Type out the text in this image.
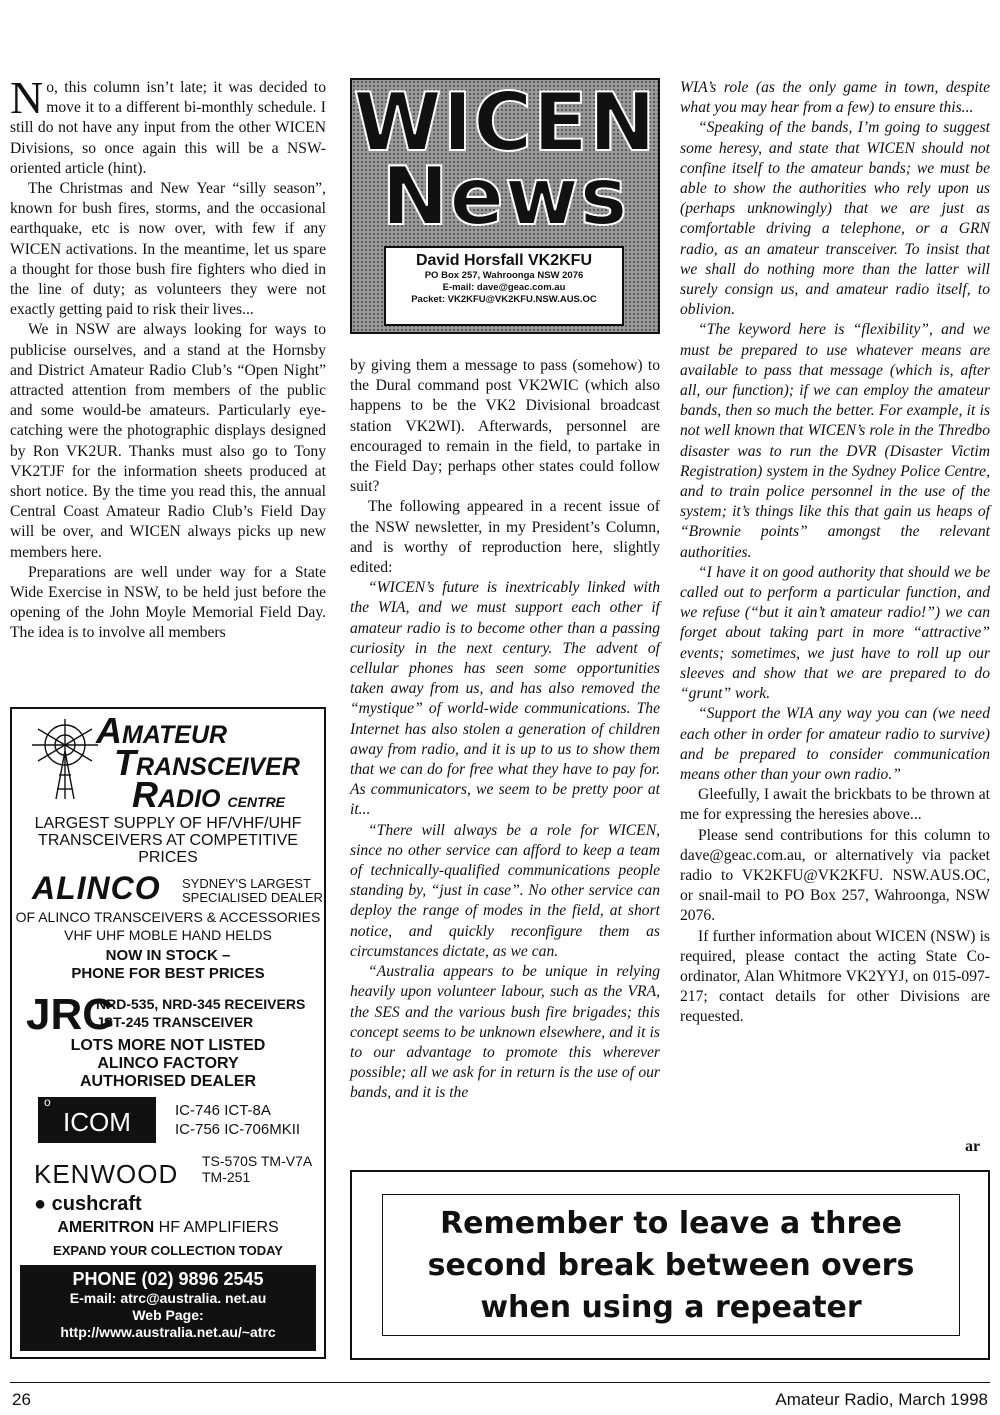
No, this column isn’t late; it was decided to move it to a different bi-monthly schedule. I still do not have any input from the other WICEN Divisions, so once again this will be a NSW-oriented article (hint).

The Christmas and New Year “silly season”, known for bush fires, storms, and the occasional earthquake, etc is now over, with few if any WICEN activations. In the meantime, let us spare a thought for those bush fire fighters who died in the line of duty; as volunteers they were not exactly getting paid to risk their lives...

We in NSW are always looking for ways to publicise ourselves, and a stand at the Hornsby and District Amateur Radio Club’s “Open Night” attracted attention from members of the public and some would-be amateurs. Particularly eye-catching were the photographic displays designed by Ron VK2UR. Thanks must also go to Tony VK2TJF for the information sheets produced at short notice. By the time you read this, the annual Central Coast Amateur Radio Club’s Field Day will be over, and WICEN always picks up new members here.

Preparations are well under way for a State Wide Exercise in NSW, to be held just before the opening of the John Moyle Memorial Field Day. The idea is to involve all members

WICEN
News
David Horsfall VK2KFU
PO Box 257, Wahroonga NSW 2076
E-mail: dave@geac.com.au
Packet: VK2KFU@VK2KFU.NSW.AUS.OC

by giving them a message to pass (somehow) to the Dural command post VK2WIC (which also happens to be the VK2 Divisional broadcast station VK2WI). Afterwards, personnel are encouraged to remain in the field, to partake in the Field Day; perhaps other states could follow suit?

The following appeared in a recent issue of the NSW newsletter, in my President’s Column, and is worthy of reproduction here, slightly edited:

“WICEN’s future is inextricably linked with the WIA, and we must support each other if amateur radio is to become other than a passing curiosity in the next century. The advent of cellular phones has seen some opportunities taken away from us, and has also removed the “mystique” of world-wide communications. The Internet has also stolen a generation of children away from radio, and it is up to us to show them that we can do for free what they have to pay for. As communicators, we seem to be pretty poor at it...

“There will always be a role for WICEN, since no other service can afford to keep a team of technically-qualified communications people standing by, “just in case”. No other service can deploy the range of modes in the field, at short notice, and quickly reconfigure them as circumstances dictate, as we can.

“Australia appears to be unique in relying heavily upon volunteer labour, such as the VRA, the SES and the various bush fire brigades; this concept seems to be unknown elsewhere, and it is to our advantage to promote this wherever possible; all we ask for in return is the use of our bands, and it is the

WIA’s role (as the only game in town, despite what you may hear from a few) to ensure this...

“Speaking of the bands, I’m going to suggest some heresy, and state that WICEN should not confine itself to the amateur bands; we must be able to show the authorities who rely upon us (perhaps unknowingly) that we are just as comfortable driving a telephone, or a GRN radio, as an amateur transceiver. To insist that we shall do nothing more than the latter will surely consign us, and amateur radio itself, to oblivion.

“The keyword here is “flexibility”, and we must be prepared to use whatever means are available to pass that message (which is, after all, our function); if we can employ the amateur bands, then so much the better. For example, it is not well known that WICEN’s role in the Thredbo disaster was to run the DVR (Disaster Victim Registration) system in the Sydney Police Centre, and to train police personnel in the use of the system; it’s things like this that gain us heaps of “Brownie points” amongst the relevant authorities.

“I have it on good authority that should we be called out to perform a particular function, and we refuse (“but it ain’t amateur radio!”) we can forget about taking part in more “attractive” events; sometimes, we just have to roll up our sleeves and show that we are prepared to do “grunt” work.

“Support the WIA any way you can (we need each other in order for amateur radio to survive) and be prepared to consider communication means other than your own radio.”

Gleefully, I await the brickbats to be thrown at me for expressing the heresies above...

Please send contributions for this column to dave@geac.com.au, or alternatively via packet radio to VK2KFU@VK2KFU. NSW.AUS.OC, or snail-mail to PO Box 257, Wahroonga, NSW 2076.

If further information about WICEN (NSW) is required, please contact the acting State Co-ordinator, Alan Whitmore VK2YYJ, on 015-097-217; contact details for other Divisions are requested.

ar
AMATEUR
TRANSCEIVER
RADIO CENTRE
LARGEST SUPPLY OF HF/VHF/UHF TRANSCEIVERS AT COMPETITIVE PRICES
ALINCO SYDNEY'S LARGEST SPECIALISED DEALER
OF ALINCO TRANSCEIVERS & ACCESSORIES
VHF UHF MOBLE HAND HELDS
NOW IN STOCK –
PHONE FOR BEST PRICES
JRC
NRD-535, NRD-345 RECEIVERS
JST-245 TRANSCEIVER
LOTS MORE NOT LISTED
ALINCO FACTORY
AUTHORISED DEALER
o
ICOM	IC-746 ICT-8A
IC-756 IC-706MKII
KENWOOD TS-570S TM-V7A
TM-251
● cushcraft
AMERITRON HF AMPLIFIERS
EXPAND YOUR COLLECTION TODAY
PHONE (02) 9896 2545
E-mail: atrc@australia. net.au
Web Page:
http://www.australia.net.au/~atrc
Remember to leave a three
second break between overs
when using a repeater
26	Amateur Radio, March 1998
